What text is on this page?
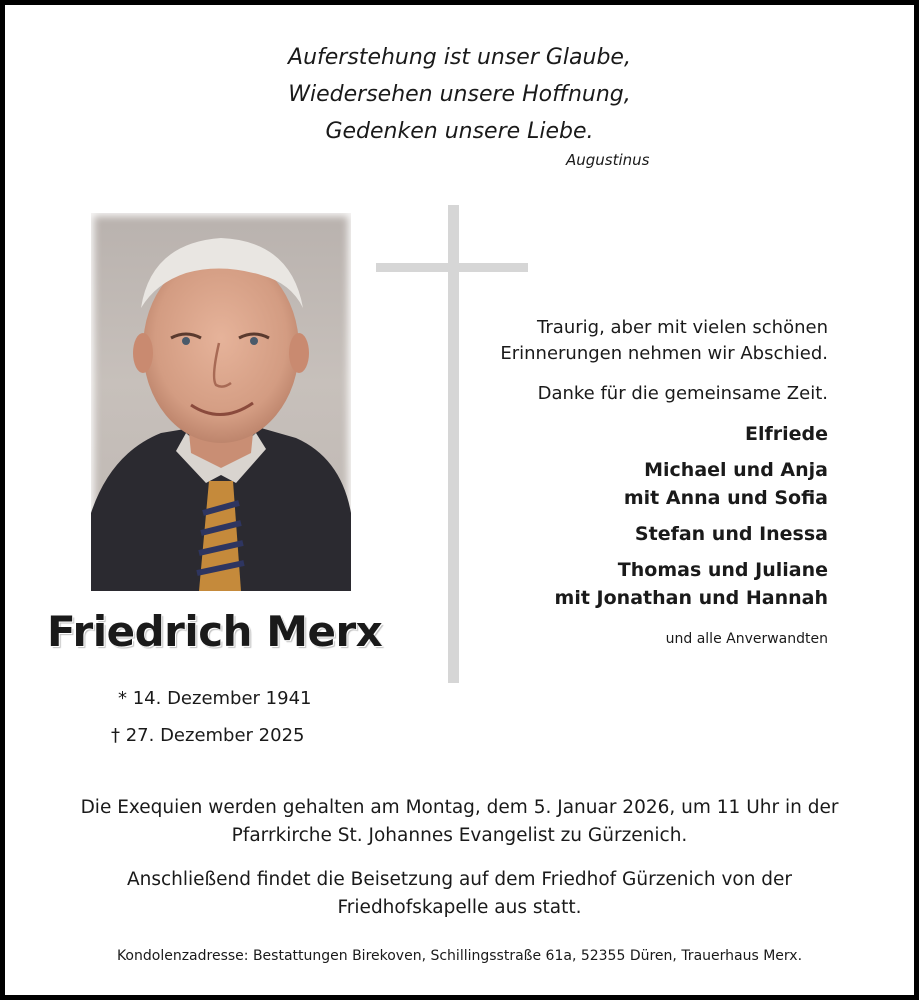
Auferstehung ist unser Glaube,
Wiedersehen unsere Hoffnung,
Gedenken unsere Liebe.
Augustinus

Traurig, aber mit vielen schönen

Erinnerungen nehmen wir Abschied.

Danke für die gemeinsame Zeit.

Elfriede

Michael und Anja

mit Anna und Sofia

Stefan und Inessa

Thomas und Juliane

mit Jonathan und Hannah

und alle Anverwandten

Friedrich Merx
* 14. Dezember 1941
† 27. Dezember 2025
Die Exequien werden gehalten am Montag, dem 5. Januar 2026, um 11 Uhr in der
Pfarrkirche St. Johannes Evangelist zu Gürzenich.
Anschließend findet die Beisetzung auf dem Friedhof Gürzenich von der
Friedhofskapelle aus statt.
Kondolenzadresse: Bestattungen Birekoven, Schillingsstraße 61a, 52355 Düren, Trauerhaus Merx.
